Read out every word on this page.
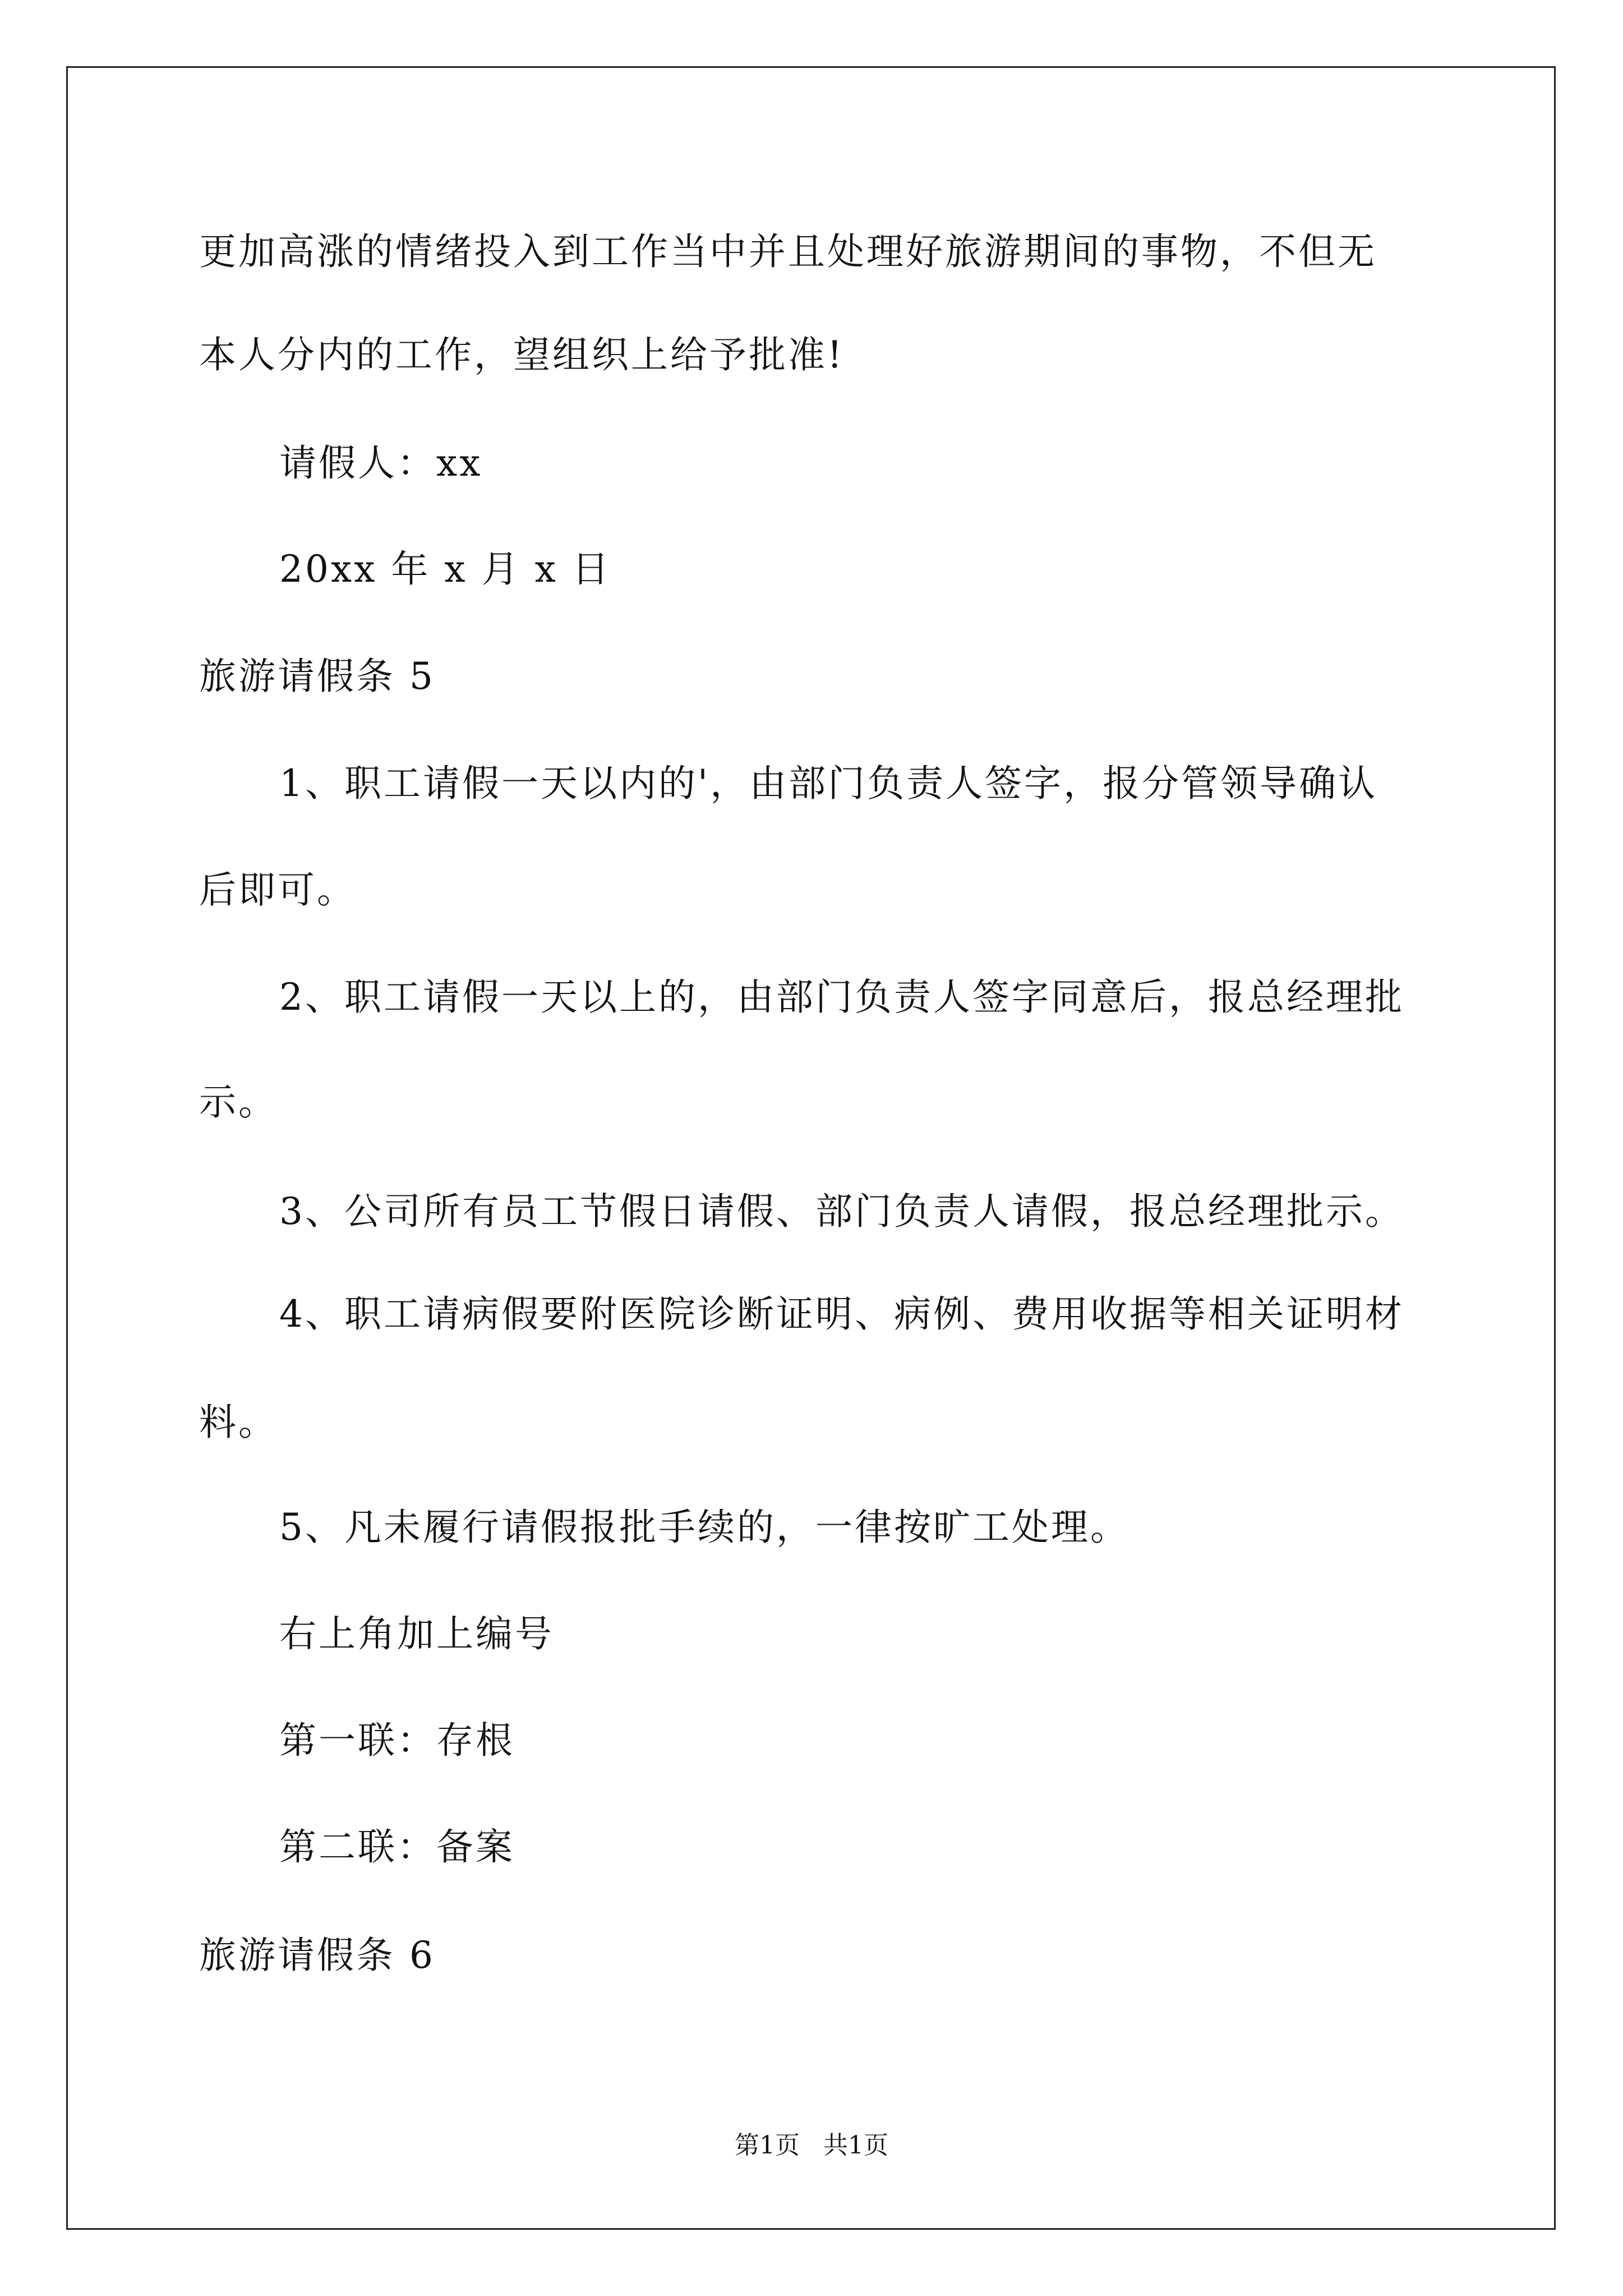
更加高涨的情绪投入到工作当中并且处理好旅游期间的事物，不但无
本人分内的工作，望组织上给予批准!
请假人：xx
20xx 年 x 月 x 日
旅游请假条 5
1、职工请假一天以内的'，由部门负责人签字，报分管领导确认
后即可。
2、职工请假一天以上的，由部门负责人签字同意后，报总经理批
示。
3、公司所有员工节假日请假、部门负责人请假，报总经理批示。
4、职工请病假要附医院诊断证明、病例、费用收据等相关证明材
料。
5、凡未履行请假报批手续的，一律按旷工处理。
右上角加上编号
第一联：存根
第二联：备案
旅游请假条 6
第1页   共1页
